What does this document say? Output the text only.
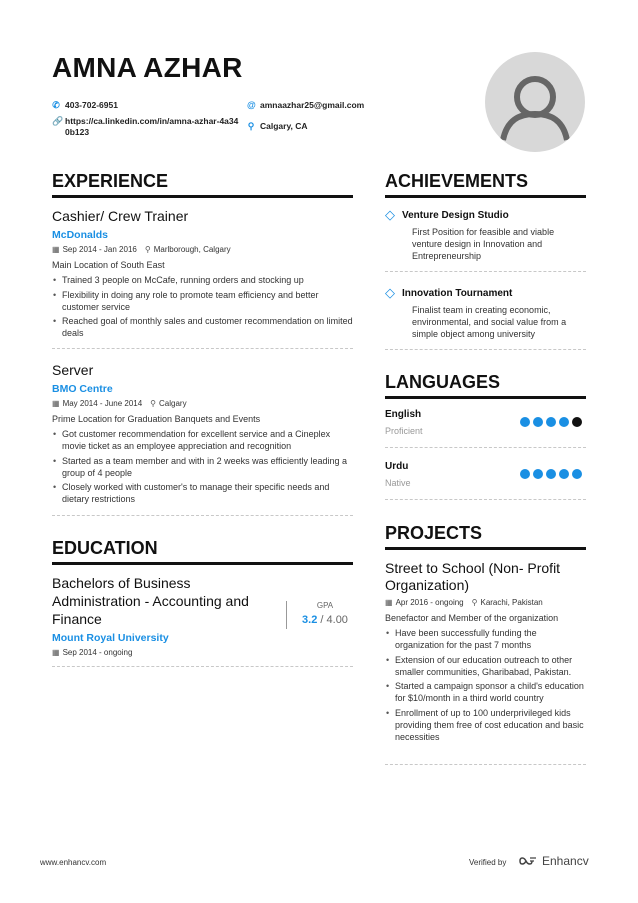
AMNA AZHAR
✆ 403-702-6951	@ amnaazhar25@gmail.com
🔗 https://ca.linkedin.com/in/amna-azhar-4a34
0b123
⚲ Calgary, CA
EXPERIENCE
Cashier/ Crew Trainer
McDonalds
▦ Sep 2014 - Jan 2016 ⚲ Marlborough, Calgary
Main Location of South East
• Trained 3 people on McCafe, running orders and stocking up
• Flexibility in doing any role to promote team efficiency and better customer service
• Reached goal of monthly sales and customer recommendation on limited deals
Server
BMO Centre
▦ May 2014 - June 2014 ⚲ Calgary
Prime Location for Graduation Banquets and Events
• Got customer recommendation for excellent service and a Cineplex movie ticket as an employee appreciation and recognition
• Started as a team member and with in 2 weeks was efficiently leading a group of 4 people
• Closely worked with customer's to manage their specific needs and dietary restrictions
EDUCATION
Bachelors of Business Administration - Accounting and Finance
Mount Royal University
▦ Sep 2014 - ongoing
GPA
3.2 / 4.00
ACHIEVEMENTS
◇ Venture Design Studio
First Position for feasible and viable venture design in Innovation and Entrepreneurship
◇ Innovation Tournament
Finalist team in creating economic, environmental, and social value from a simple object among university
LANGUAGES
English
Proficient
Urdu
Native
PROJECTS
Street to School (Non- Profit Organization)
▦ Apr 2016 - ongoing ⚲ Karachi, Pakistan
Benefactor and Member of the organization
• Have been successfully funding the organization for the past 7 months
• Extension of our education outreach to other smaller communities, Gharibabad, Pakistan.
• Started a campaign sponsor a child's education for $10/month in a third world country
• Enrollment of up to 100 underprivileged kids providing them free of cost education and basic necessities
www.enhancv.com	Verified by	Enhancv
